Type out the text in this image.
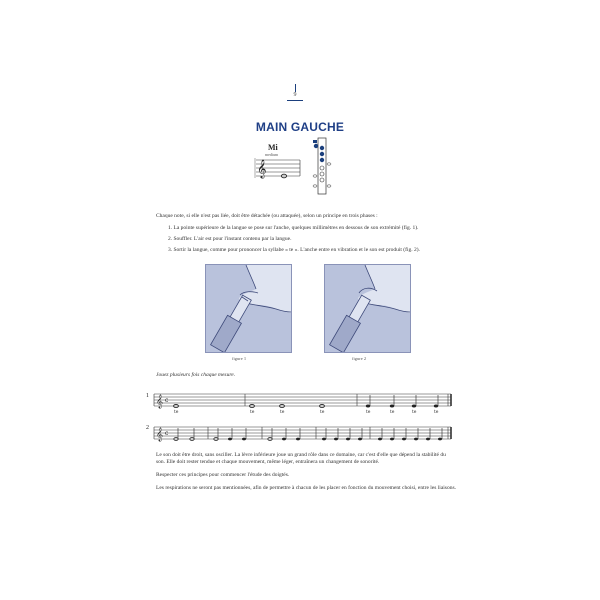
9
MAIN GAUCHE
𝄞
Mi
medium
Chaque note, si elle n'est pas liée, doit être détachée (ou attaquée), selon un principe en trois phases :
1. La pointe supérieure de la langue se pose sur l'anche, quelques millimètres en dessous de son extrémité (fig. 1).
2. Souffler. L'air est pour l'instant contenu par la langue.
3. Sortir la langue, comme pour prononcer la syllabe « te ». L'anche entre en vibration et le son est produit (fig. 2).
figure 1	figure 2
Jouez plusieurs fois chaque mesure.
1 𝄞 c
te	te	te	te	te	te	te	te
2 𝄞 c

Le son doit être droit, sans osciller. La lèvre inférieure joue un grand rôle dans ce domaine, car c'est d'elle que dépend la stabilité du son. Elle doit rester tendue et chaque mouvement, même léger, entraînera un changement de sonorité.

Respecter ces principes pour commencer l'étude des doigtés.

Les respirations ne seront pas mentionnées, afin de permettre à chacun de les placer en fonction du mouvement choisi, entre les liaisons.
